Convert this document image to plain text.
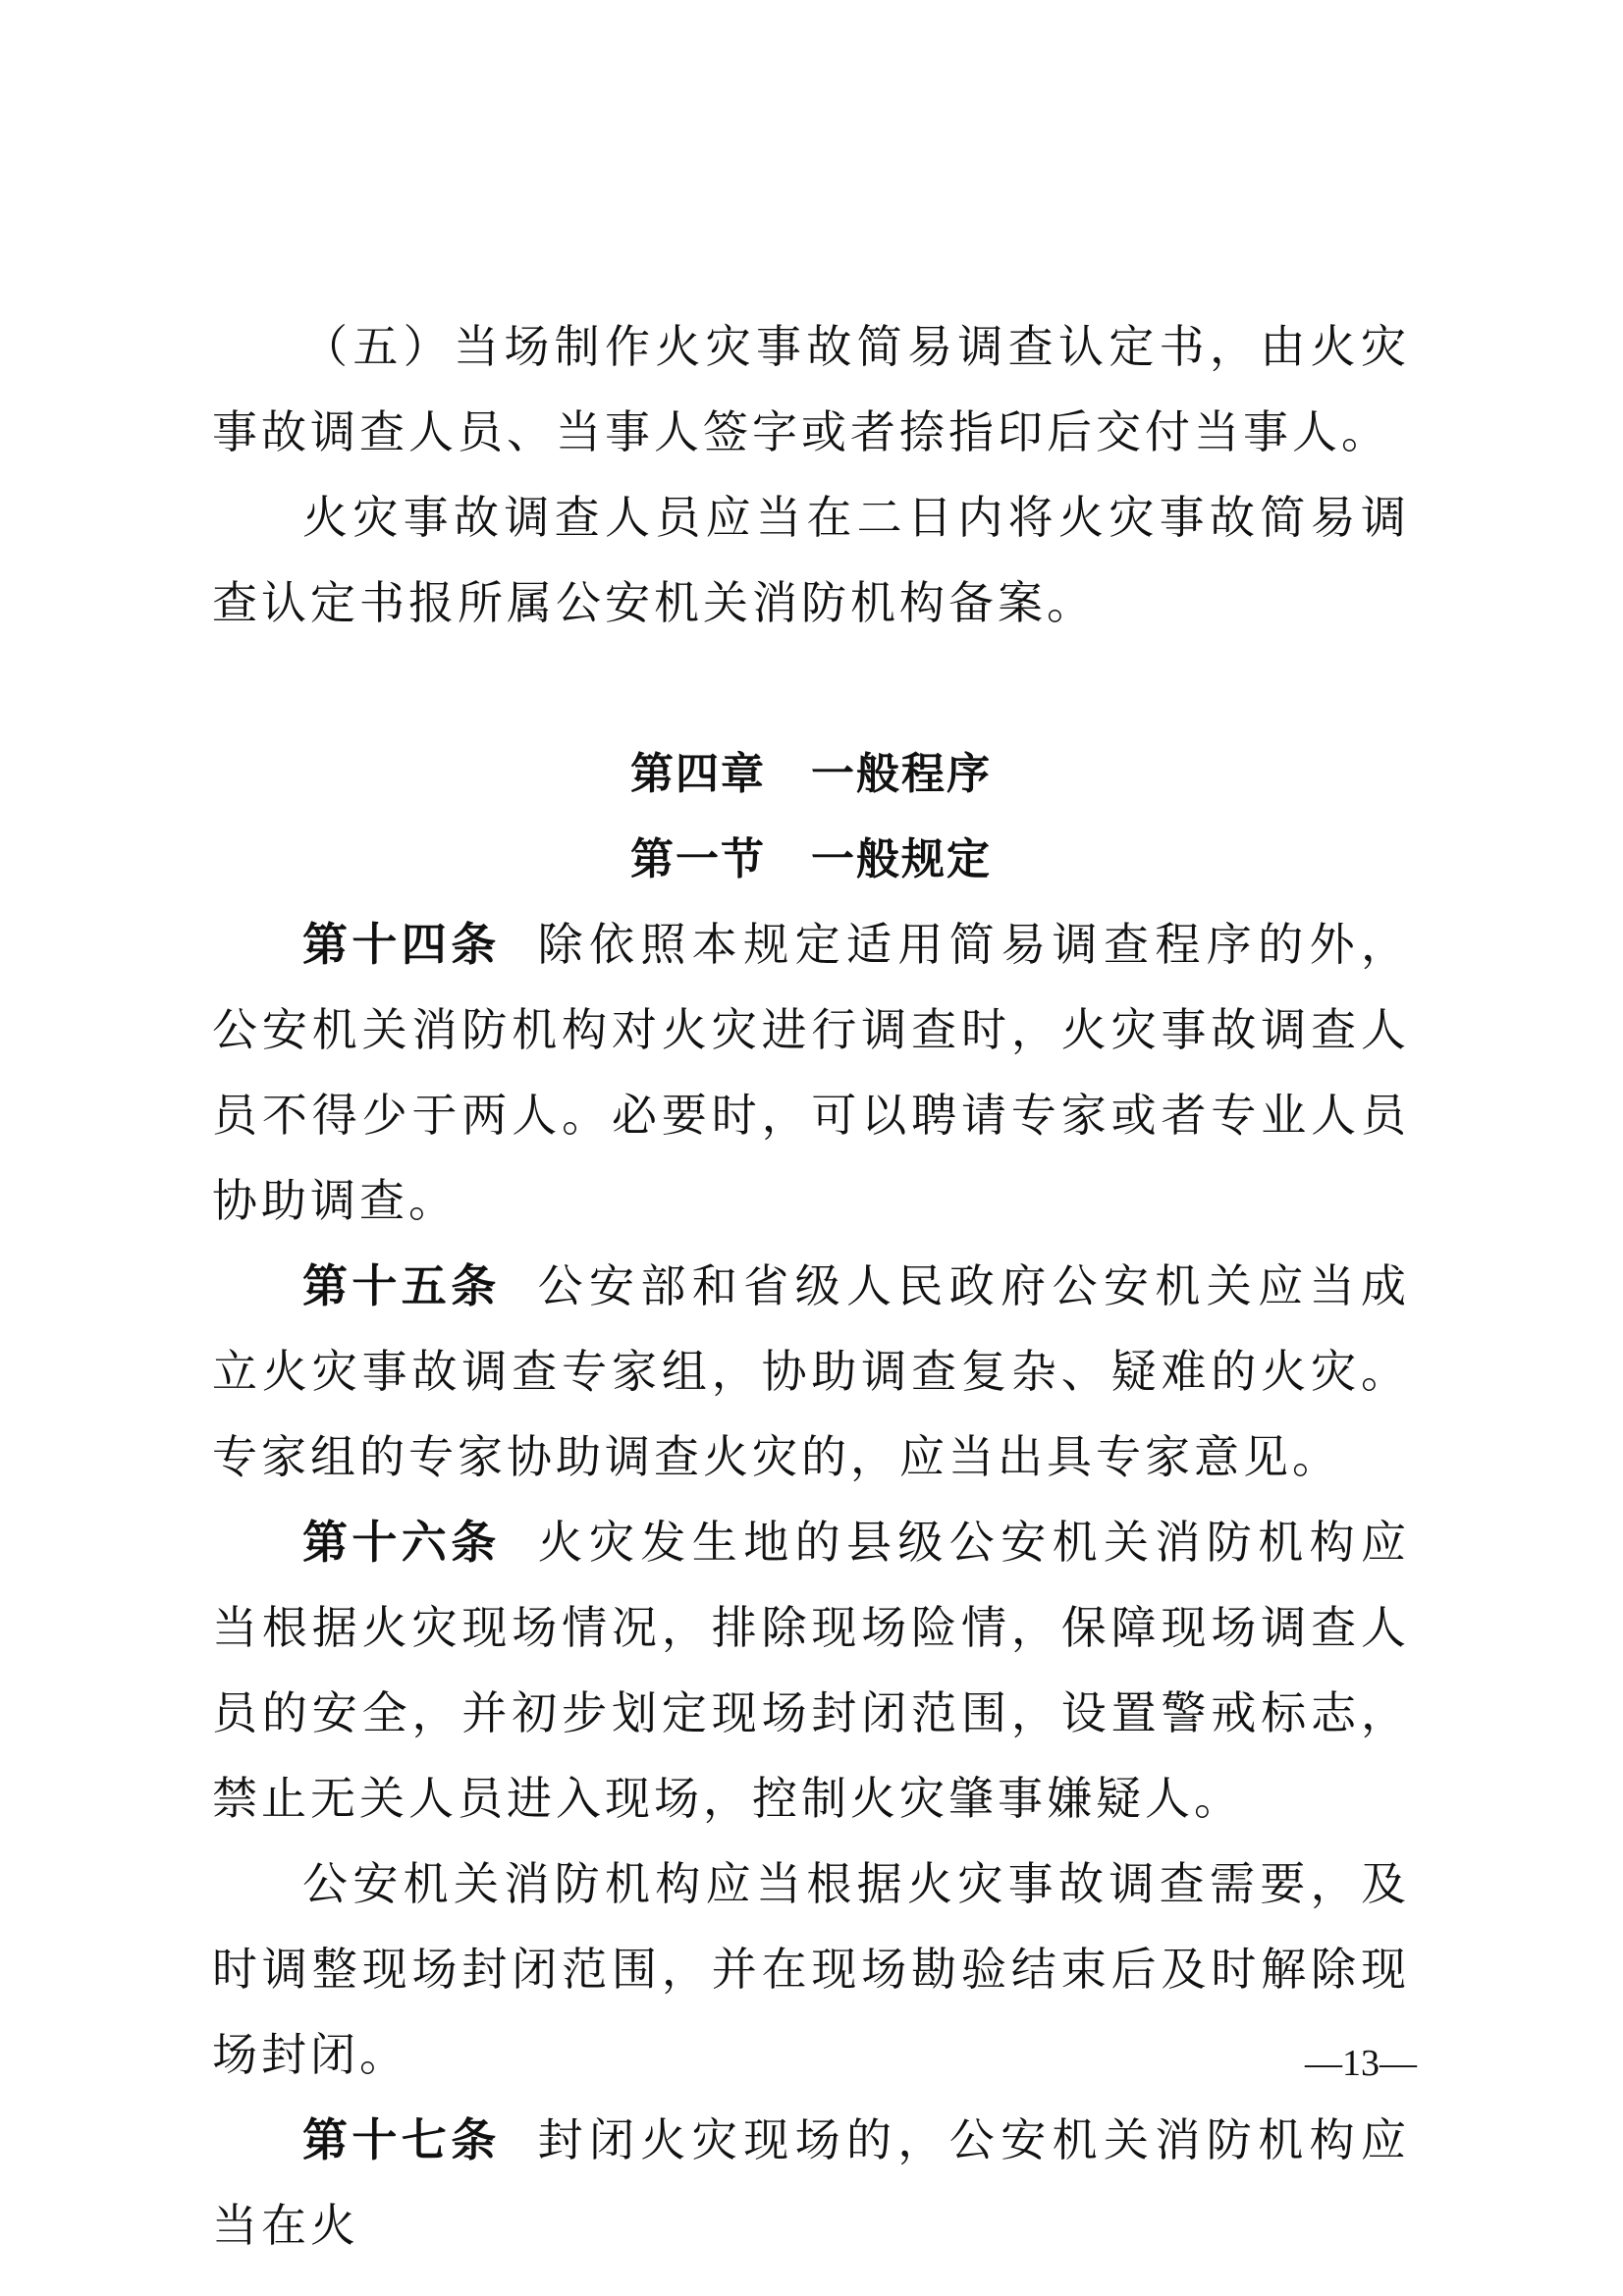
（五）当场制作火灾事故简易调查认定书，由火灾事故调查人员、当事人签字或者捺指印后交付当事人。

火灾事故调查人员应当在二日内将火灾事故简易调查认定书报所属公安机关消防机构备案。

第四章　一般程序

第一节　一般规定

第十四条 除依照本规定适用简易调查程序的外，公安机关消防机构对火灾进行调查时，火灾事故调查人员不得少于两人。必要时，可以聘请专家或者专业人员协助调查。

第十五条 公安部和省级人民政府公安机关应当成立火灾事故调查专家组，协助调查复杂、疑难的火灾。专家组的专家协助调查火灾的，应当出具专家意见。

第十六条 火灾发生地的县级公安机关消防机构应当根据火灾现场情况，排除现场险情，保障现场调查人员的安全，并初步划定现场封闭范围，设置警戒标志，禁止无关人员进入现场，控制火灾肇事嫌疑人。

公安机关消防机构应当根据火灾事故调查需要，及时调整现场封闭范围，并在现场勘验结束后及时解除现场封闭。

第十七条 封闭火灾现场的，公安机关消防机构应当在火

—13—
